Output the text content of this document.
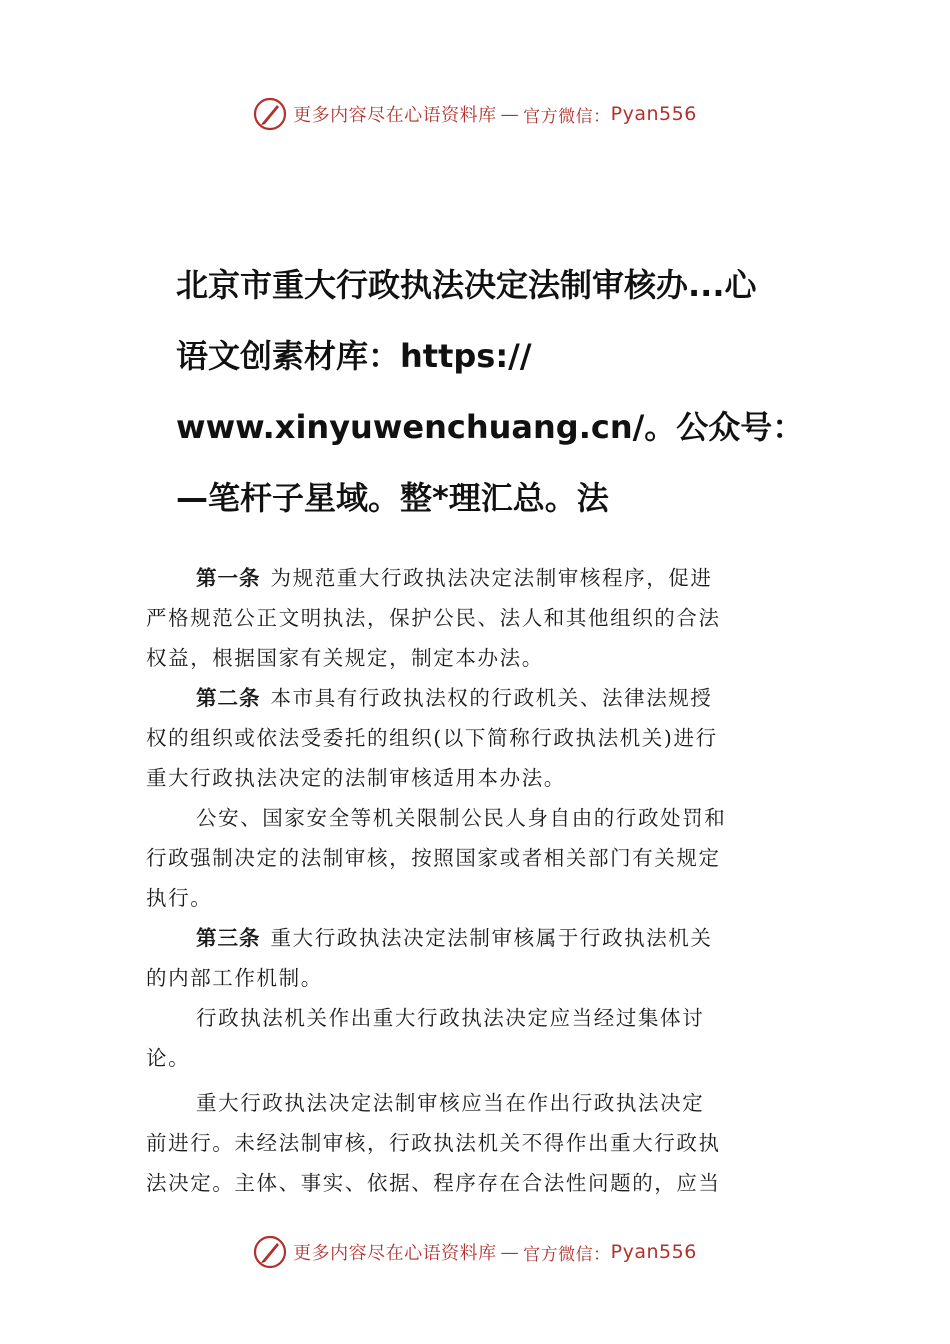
更多内容尽在心语资料库 — 官方微信： Pyan556
北京市重大行政执法决定法制审核办...心
语文创素材库：https://
www.xinyuwenchuang.cn/。公众号：
—笔杆子星域。整*理汇总。法
第一条 为规范重大行政执法决定法制审核程序，促进
严格规范公正文明执法，保护公民、法人和其他组织的合法
权益，根据国家有关规定，制定本办法。
第二条 本市具有行政执法权的行政机关、法律法规授
权的组织或依法受委托的组织(以下简称行政执法机关)进行
重大行政执法决定的法制审核适用本办法。
公安、国家安全等机关限制公民人身自由的行政处罚和
行政强制决定的法制审核，按照国家或者相关部门有关规定
执行。
第三条 重大行政执法决定法制审核属于行政执法机关
的内部工作机制。
行政执法机关作出重大行政执法决定应当经过集体讨
论。
重大行政执法决定法制审核应当在作出行政执法决定
前进行。未经法制审核，行政执法机关不得作出重大行政执
法决定。主体、事实、依据、程序存在合法性问题的，应当
更多内容尽在心语资料库 — 官方微信： Pyan556
